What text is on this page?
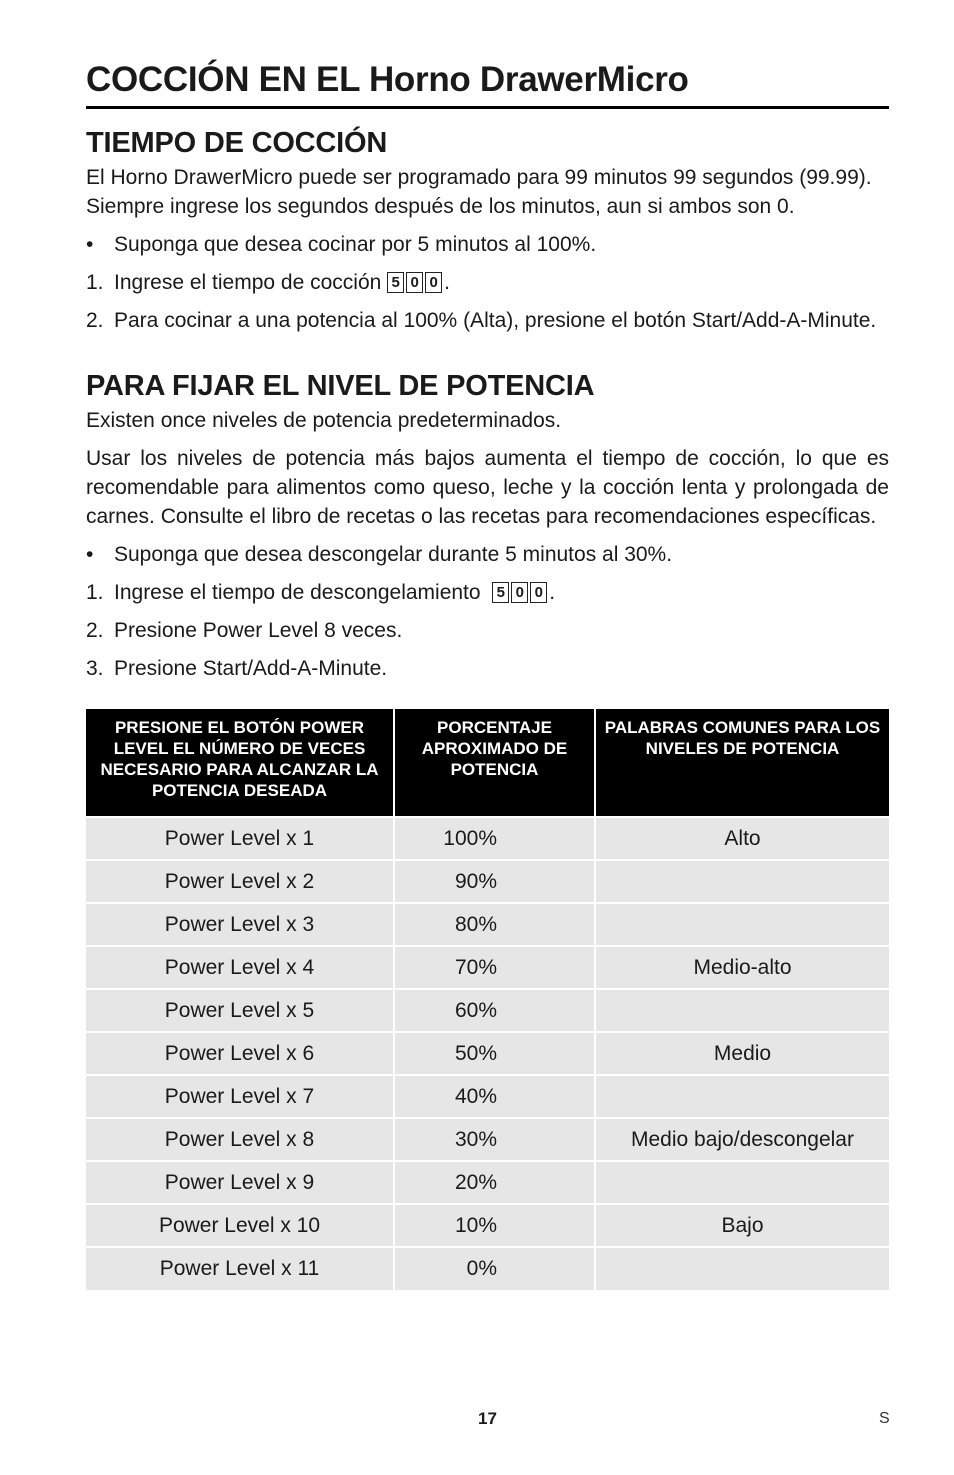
COCCIÓN EN EL Horno DrawerMicro
TIEMPO DE COCCIÓN

El Horno DrawerMicro puede ser programado para 99 minutos 99 segundos (99.99). Siempre ingrese los segundos después de los minutos, aun si ambos son 0.

• Suponga que desea cocinar por 5 minutos al 100%.
1. Ingrese el tiempo de cocción 5 0 0 .
2. Para cocinar a una potencia al 100% (Alta), presione el botón Start/Add-A-Minute.
PARA FIJAR EL NIVEL DE POTENCIA

Existen once niveles de potencia predeterminados.

Usar los niveles de potencia más bajos aumenta el tiempo de cocción, lo que es recomendable para alimentos como queso, leche y la cocción lenta y prolongada de carnes. Consulte el libro de recetas o las recetas para recomendaciones específicas.

• Suponga que desea descongelar durante 5 minutos al 30%.
1. Ingrese el tiempo de descongelamiento 5 0 0 .
2. Presione Power Level 8 veces.
3. Presione Start/Add-A-Minute.
PRESIONE EL BOTÓN POWER LEVEL EL NÚMERO DE VECES NECESARIO PARA ALCANZAR LA POTENCIA DESEADA	PORCENTAJE APROXIMADO DE POTENCIA	PALABRAS COMUNES PARA LOS NIVELES DE POTENCIA
Power Level x 1	100%	Alto
Power Level x 2	90%	
Power Level x 3	80%	
Power Level x 4	70%	Medio-alto
Power Level x 5	60%	
Power Level x 6	50%	Medio
Power Level x 7	40%	
Power Level x 8	30%	Medio bajo/descongelar
Power Level x 9	20%	
Power Level x 10	10%	Bajo
Power Level x 11	0%	
17	S
